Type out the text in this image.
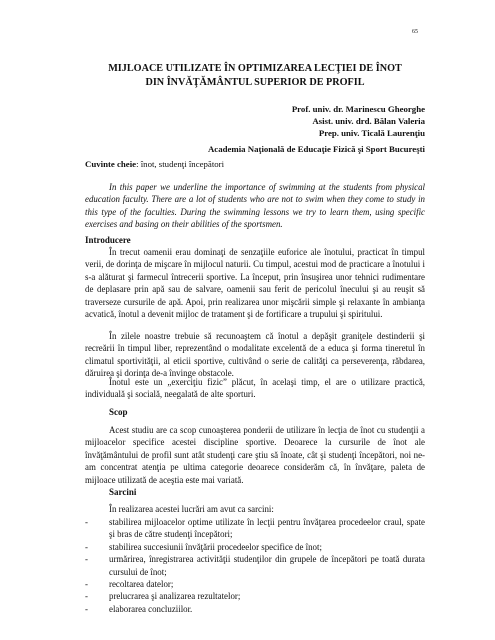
65
MIJLOACE UTILIZATE ÎN OPTIMIZAREA LECŢIEI DE ÎNOT
DIN ÎNVĂŢĂMÂNTUL SUPERIOR DE PROFIL
Prof. univ. dr. Marinescu Gheorghe
Asist. univ. drd. Bălan Valeria
Prep. univ. Ticală Laurenţiu
Academia Naţională de Educaţie Fizică şi Sport Bucureşti
Cuvinte cheie: înot, studenţi începători
In this paper we underline the importance of swimming at the students from physical education faculty. There are a lot of students who are not to swim when they come to study in this type of the faculties. During the swimming lessons we try to learn them, using specific exercises and basing on their abilities of the sportsmen.
Introducere
În trecut oamenii erau dominaţi de senzaţiile euforice ale înotului, practicat în timpul verii, de dorinţa de mişcare în mijlocul naturii. Cu timpul, acestui mod de practicare a înotului i s-a alăturat şi farmecul întrecerii sportive. La început, prin însuşirea unor tehnici rudimentare de deplasare prin apă sau de salvare, oamenii sau ferit de pericolul înecului şi au reuşit să traverseze cursurile de apă. Apoi, prin realizarea unor mişcării simple şi relaxante în ambianţa acvatică, înotul a devenit mijloc de tratament şi de fortificare a trupului şi spiritului.
În zilele noastre trebuie să recunoaştem că înotul a depăşit graniţele destinderii şi recreării în timpul liber, reprezentând o modalitate excelentă de a educa şi forma tineretul în climatul sportivităţii, al eticii sportive, cultivând o serie de calităţi ca perseverenţa, răbdarea, dăruirea şi dorinţa de-a învinge obstacole.
Înotul este un „exerciţiu fizic” plăcut, în acelaşi timp, el are o utilizare practică, individuală şi socială, neegalată de alte sporturi.
Scop
Acest studiu are ca scop cunoaşterea ponderii de utilizare în lecţia de înot cu studenţii a mijloacelor specifice acestei discipline sportive. Deoarece la cursurile de înot ale învăţământului de profil sunt atât studenţi care ştiu să înoate, cât şi studenţi începători, noi ne-am concentrat atenţia pe ultima categorie deoarece considerăm că, în învăţare, paleta de mijloace utilizată de aceştia este mai variată.
Sarcini
În realizarea acestei lucrări am avut ca sarcini:
- stabilirea mijloacelor optime utilizate în lecţii pentru învăţarea procedeelor craul, spate şi bras de către studenţi începători;
- stabilirea succesiunii învăţării procedeelor specifice de înot;
- urmărirea, înregistrarea activităţii studenţilor din grupele de începători pe toată durata cursului de înot;
- recoltarea datelor;
- prelucrarea şi analizarea rezultatelor;
- elaborarea concluziilor.
